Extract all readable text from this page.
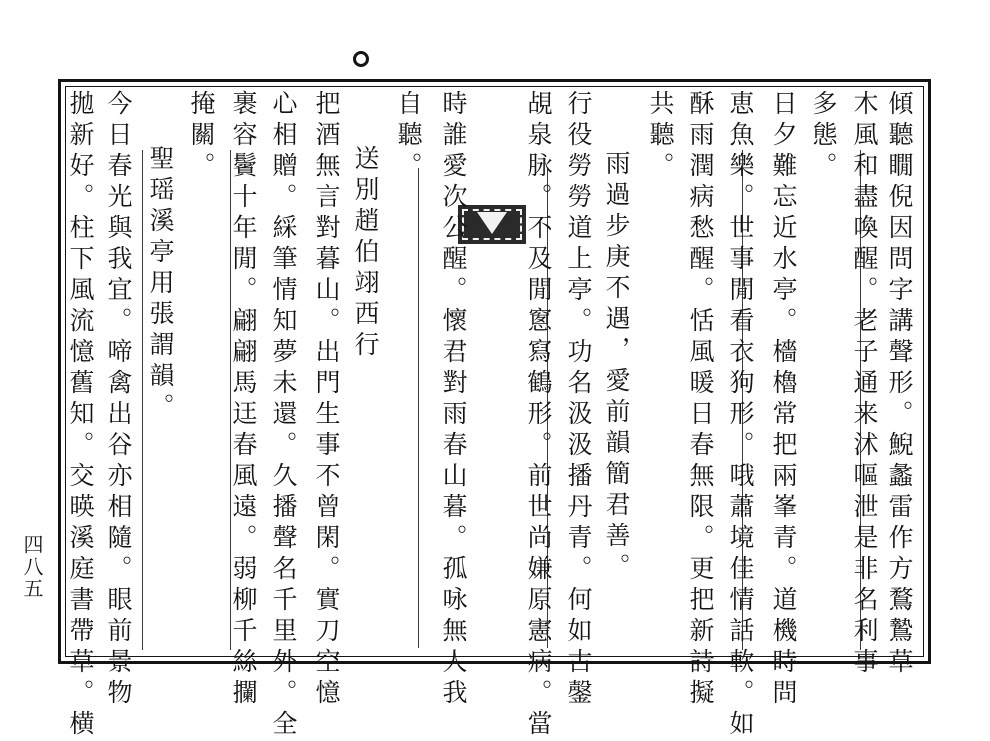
傾聽瞯倪因問字講聲形。鯢蠡雷作方鶩鷙草
木風和盡喚醒。老子通来沭嘔泄是非名利事
多態。
日夕難忘近水亭。檣櫓常把兩峯青。道機時問
恵魚樂。世事閒看衣狗形。哦蕭境佳情話軟。如
酥雨潤病愁醒。恬風暖日春無限。更把新詩擬
共聽。
雨過步庚不遇，愛前韻簡君善。
行役勞勞道上亭。功名汲汲播丹青。何如古鏧
覘泉脉。不及閒窻寫鶴形。前世尚嫌原憲病。當
時誰愛次公醒。懷君對雨春山暮。孤咏無人我
自聽。
送別趙伯翊西行
把酒無言對暮山。出門生事不曾閑。實刀空憶
心相贈。綵筆情知夢未還。久播聲名千里外。全
裹容鬢十年閒。翩翩馬迋春風遠。弱柳千絲攔
掩關。
聖瑶溪亭用張謂韻。
今日春光與我宜。啼禽出谷亦相隨。眼前景物
拋新好。柱下風流憶舊知。交暎溪庭書帶草。横
四八五
